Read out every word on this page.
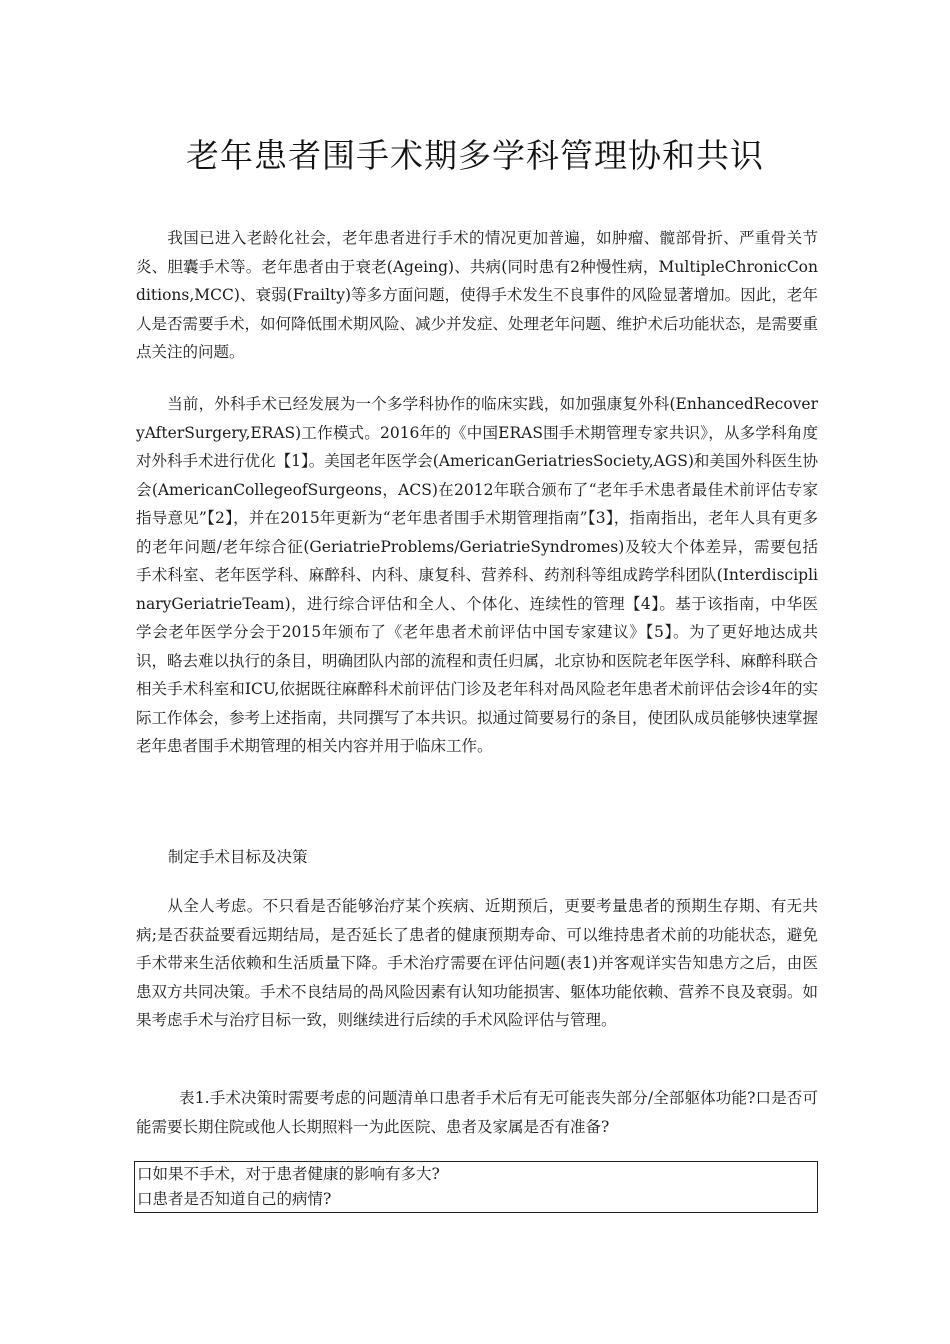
老年患者围手术期多学科管理协和共识
我国已进入老龄化社会，老年患者进行手术的情况更加普遍，如肿瘤、髋部骨折、严重骨关节炎、胆囊手术等。老年患者由于衰老(Ageing)、共病(同时患有2种慢性病，MultipleChronicConditions,MCC)、衰弱(Frailty)等多方面问题，使得手术发生不良事件的风险显著增加。因此，老年人是否需要手术，如何降低围术期风险、减少并发症、处理老年问题、维护术后功能状态，是需要重点关注的问题。
当前，外科手术已经发展为一个多学科协作的临床实践，如加强康复外科(EnhancedRecoveryAfterSurgery,ERAS)工作模式。2016年的《中国ERAS围手术期管理专家共识》，从多学科角度对外科手术进行优化【1】。美国老年医学会(AmericanGeriatriesSociety,AGS)和美国外科医生协会(AmericanCollegeofSurgeons，ACS)在2012年联合颁布了“老年手术患者最佳术前评估专家指导意见”【2】，并在2015年更新为“老年患者围手术期管理指南”【3】，指南指出，老年人具有更多的老年问题/老年综合征(GeriatrieProblems/GeriatrieSyndromes)及较大个体差异，需要包括手术科室、老年医学科、麻醉科、内科、康复科、营养科、药剂科等组成跨学科团队(InterdisciplinaryGeriatrieTeam)，进行综合评估和全人、个体化、连续性的管理【4】。基于该指南，中华医学会老年医学分会于2015年颁布了《老年患者术前评估中国专家建议》【5】。为了更好地达成共识，略去难以执行的条目，明确团队内部的流程和责任归属，北京协和医院老年医学科、麻醉科联合相关手术科室和ICU,依据既往麻醉科术前评估门诊及老年科对咼风险老年患者术前评估会诊4年的实际工作体会，参考上述指南，共同撰写了本共识。拟通过简要易行的条目，使团队成员能够快速掌握老年患者围手术期管理的相关内容并用于临床工作。
制定手术目标及决策
从全人考虑。不只看是否能够治疗某个疾病、近期预后，更要考量患者的预期生存期、有无共病;是否获益要看远期结局，是否延长了患者的健康预期寿命、可以维持患者术前的功能状态，避免手术带来生活依赖和生活质量下降。手术治疗需要在评估问题(表1)并客观详实告知患方之后，由医患双方共同决策。手术不良结局的咼风险因素有认知功能损害、躯体功能依赖、营养不良及衰弱。如果考虑手术与治疗目标一致，则继续进行后续的手术风险评估与管理。
表1.手术决策时需要考虑的问题清单口患者手术后有无可能丧失部分/全部躯体功能?口是否可能需要长期住院或他人长期照料一为此医院、患者及家属是否有准备?
口如果不手术，对于患者健康的影响有多大?
口患者是否知道自己的病情?
